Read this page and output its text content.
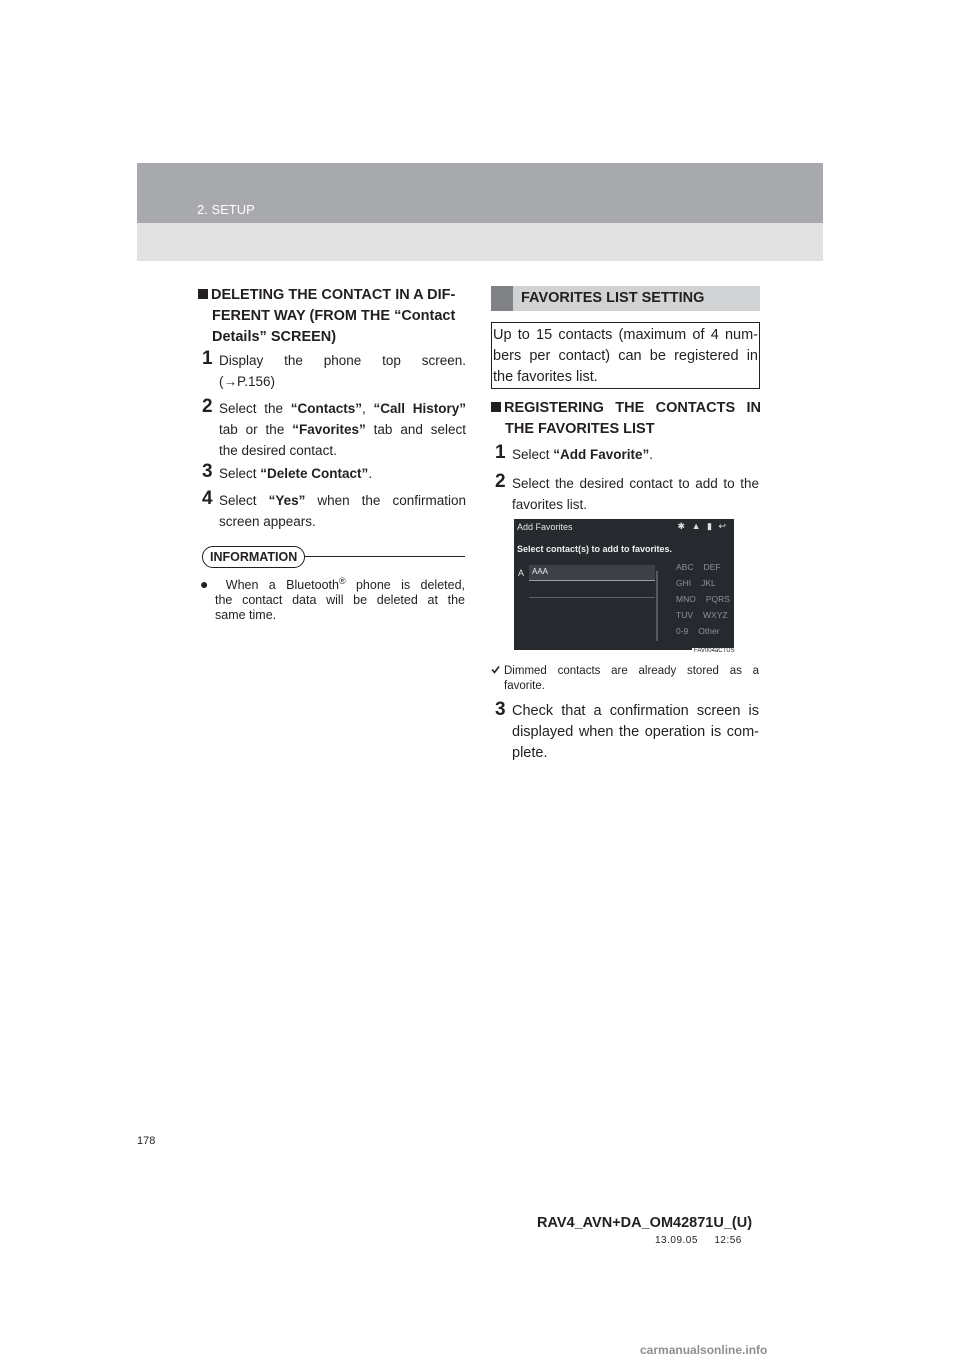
2. SETUP
DELETING THE CONTACT IN A DIF-
FERENT WAY (FROM THE “Contact
Details” SCREEN)
1 Display the phone top screen.
(→P.156)
2 Select the “Contacts”, “Call History”
tab or the “Favorites” tab and select
the desired contact.
3 Select “Delete Contact”.
4 Select “Yes” when the confirmation
screen appears.
INFORMATION
● When a Bluetooth® phone is deleted,
the contact data will be deleted at the
same time.
FAVORITES LIST SETTING
Up to 15 contacts (maximum of 4 num-
bers per contact) can be registered in
the favorites list.
REGISTERING THE CONTACTS IN
THE FAVORITES LIST
1 Select “Add Favorite”.
2 Select the desired contact to add to the
favorites list.
Add Favorites	✱ ▲ ▮ ↩
Select contact(s) to add to favorites.
A AAA	ABC DEF
GHI JKL
MNO PQRS
TUV WXYZ
0-9 Other
FAV004aCTUS
Dimmed contacts are already stored as a
favorite.
3 Check that a confirmation screen is
displayed when the operation is com-
plete.
178
RAV4_AVN+DA_OM42871U_(U)
13.09.05     12:56
carmanualsonline.info
